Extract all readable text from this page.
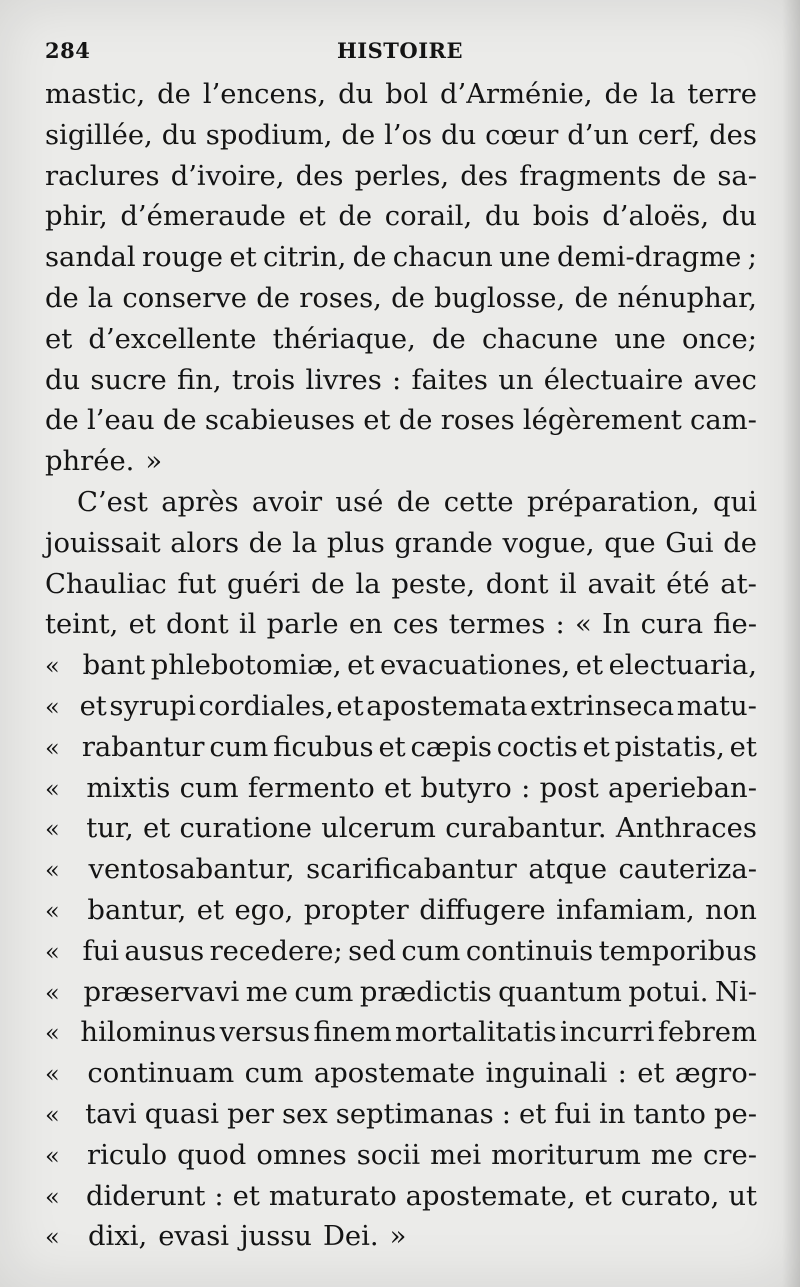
284	HISTOIRE
mastic, de l’encens, du bol d’Arménie, de la terre
sigillée, du spodium, de l’os du cœur d’un cerf, des
raclures d’ivoire, des perles, des fragments de sa-
phir, d’émeraude et de corail, du bois d’aloës, du
sandal rouge et citrin, de chacun une demi-dragme ;
de la conserve de roses, de buglosse, de nénuphar,
et d’excellente thériaque, de chacune une once;
du sucre fin, trois livres : faites un électuaire avec
de l’eau de scabieuses et de roses légèrement cam-
phrée. »
C’est après avoir usé de cette préparation, qui
jouissait alors de la plus grande vogue, que Gui de
Chauliac fut guéri de la peste, dont il avait été at-
teint, et dont il parle en ces termes : « In cura fie-
« bant phlebotomiæ, et evacuationes, et electuaria,
« et syrupi cordiales, et apostemata extrinseca matu-
« rabantur cum ficubus et cæpis coctis et pistatis, et
« mixtis cum fermento et butyro : post aperieban-
« tur, et curatione ulcerum curabantur. Anthraces
«	ventosabantur, scarificabantur atque cauteriza-
«	bantur, et ego, propter diffugere infamiam, non
« fui ausus recedere; sed cum continuis temporibus
« præservavi me cum prædictis quantum potui. Ni-
« hilominus versus finem mortalitatis incurri febrem
«	continuam cum apostemate inguinali : et ægro-
« tavi quasi per sex septimanas : et fui in tanto pe-
« riculo quod omnes socii mei moriturum me cre-
« diderunt : et maturato apostemate, et curato, ut
«	dixi, evasi jussu Dei. »
